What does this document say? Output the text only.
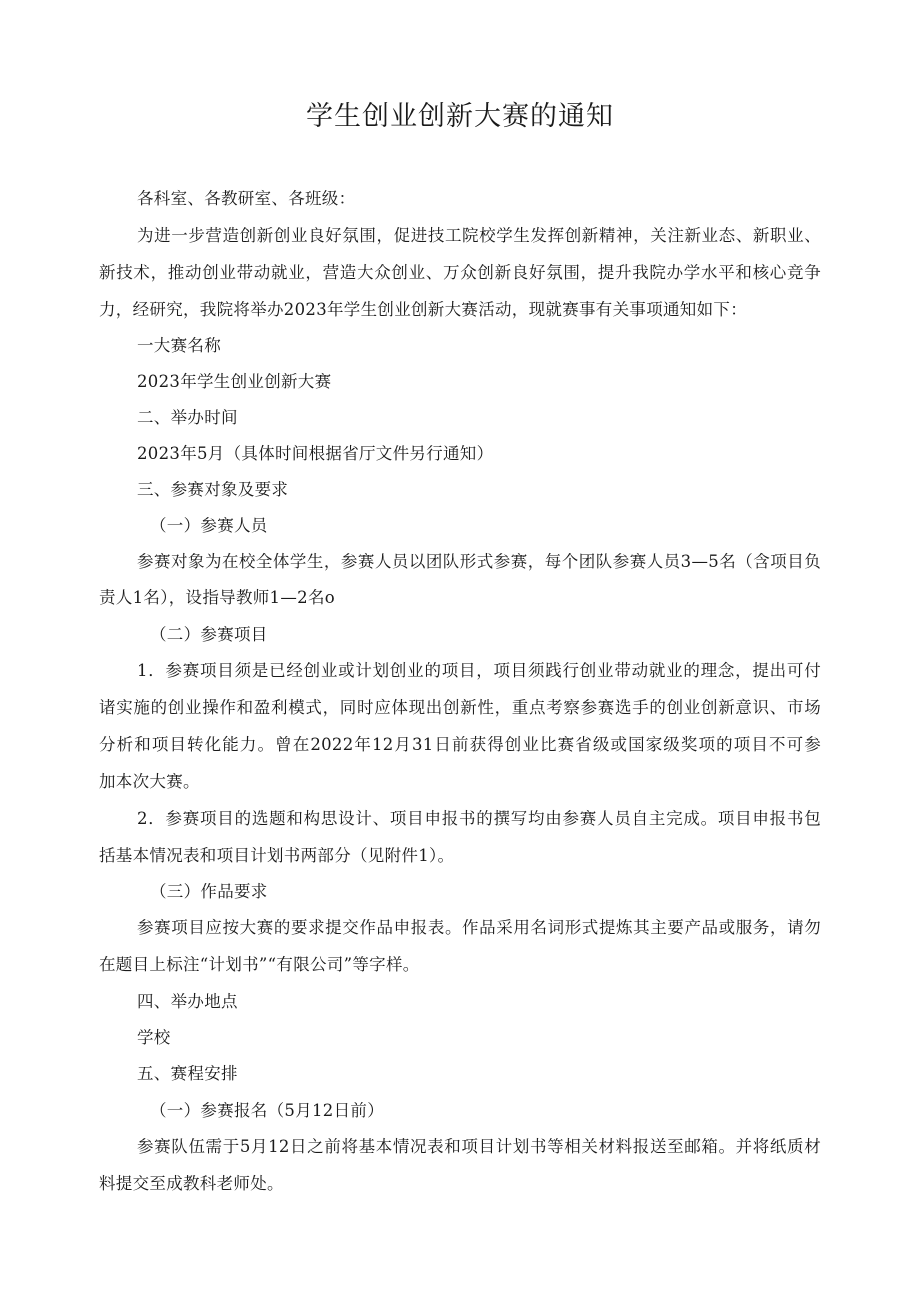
学生创业创新大赛的通知
各科室、各教研室、各班级：
为进一步营造创新创业良好氛围，促进技工院校学生发挥创新精神，关注新业态、新职业、
新技术，推动创业带动就业，营造大众创业、万众创新良好氛围，提升我院办学水平和核心竞争
力，经研究，我院将举办2023年学生创业创新大赛活动，现就赛事有关事项通知如下：
一大赛名称
2023年学生创业创新大赛
二、举办时间
2023年5月（具体时间根据省厅文件另行通知）
三、参赛对象及要求
（一）参赛人员
参赛对象为在校全体学生，参赛人员以团队形式参赛，每个团队参赛人员3—5名（含项目负
责人1名），设指导教师1—2名o
（二）参赛项目
1．参赛项目须是已经创业或计划创业的项目，项目须践行创业带动就业的理念，提出可付
诸实施的创业操作和盈利模式，同时应体现出创新性，重点考察参赛选手的创业创新意识、市场
分析和项目转化能力。曾在2022年12月31日前获得创业比赛省级或国家级奖项的项目不可参
加本次大赛。
2．参赛项目的选题和构思设计、项目申报书的撰写均由参赛人员自主完成。项目申报书包
括基本情况表和项目计划书两部分（见附件1）。
（三）作品要求
参赛项目应按大赛的要求提交作品申报表。作品采用名词形式提炼其主要产品或服务，请勿
在题目上标注“计划书”“有限公司”等字样。
四、举办地点
学校
五、赛程安排
（一）参赛报名（5月12日前）
参赛队伍需于5月12日之前将基本情况表和项目计划书等相关材料报送至邮箱。并将纸质材
料提交至成教科老师处。
